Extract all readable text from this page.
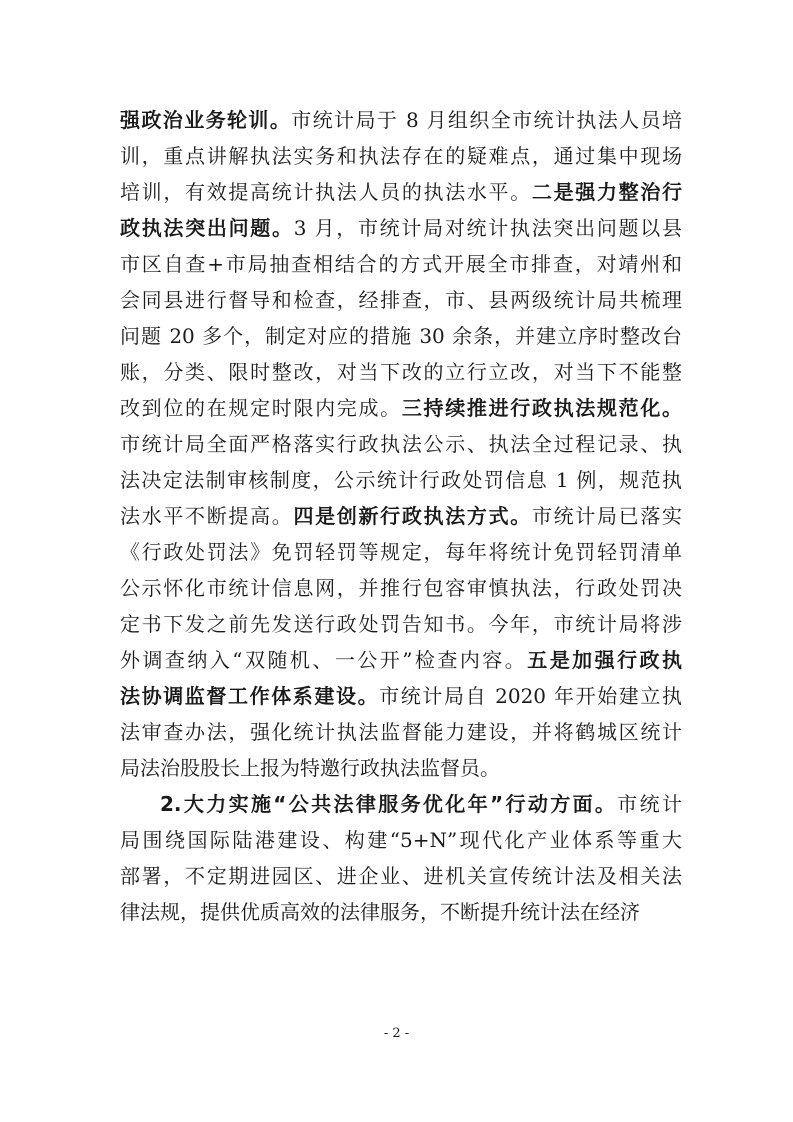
强政治业务轮训。市统计局于 8 月组织全市统计执法人员培
训，重点讲解执法实务和执法存在的疑难点，通过集中现场
培训，有效提高统计执法人员的执法水平。二是强力整治行
政执法突出问题。3 月，市统计局对统计执法突出问题以县
市区自查+市局抽查相结合的方式开展全市排查，对靖州和
会同县进行督导和检查，经排查，市、县两级统计局共梳理
问题 20 多个，制定对应的措施 30 余条，并建立序时整改台
账，分类、限时整改，对当下改的立行立改，对当下不能整
改到位的在规定时限内完成。三持续推进行政执法规范化。
市统计局全面严格落实行政执法公示、执法全过程记录、执
法决定法制审核制度，公示统计行政处罚信息 1 例，规范执
法水平不断提高。四是创新行政执法方式。市统计局已落实
《行政处罚法》免罚轻罚等规定，每年将统计免罚轻罚清单
公示怀化市统计信息网，并推行包容审慎执法，行政处罚决
定书下发之前先发送行政处罚告知书。今年，市统计局将涉
外调查纳入“双随机、一公开”检查内容。五是加强行政执
法协调监督工作体系建设。市统计局自 2020 年开始建立执
法审查办法，强化统计执法监督能力建设，并将鹤城区统计
局法治股股长上报为特邀行政执法监督员。
2.大力实施“公共法律服务优化年”行动方面。市统计
局围绕国际陆港建设、构建“5+N”现代化产业体系等重大
部署，不定期进园区、进企业、进机关宣传统计法及相关法
律法规，提供优质高效的法律服务，不断提升统计法在经济
- 2 -
